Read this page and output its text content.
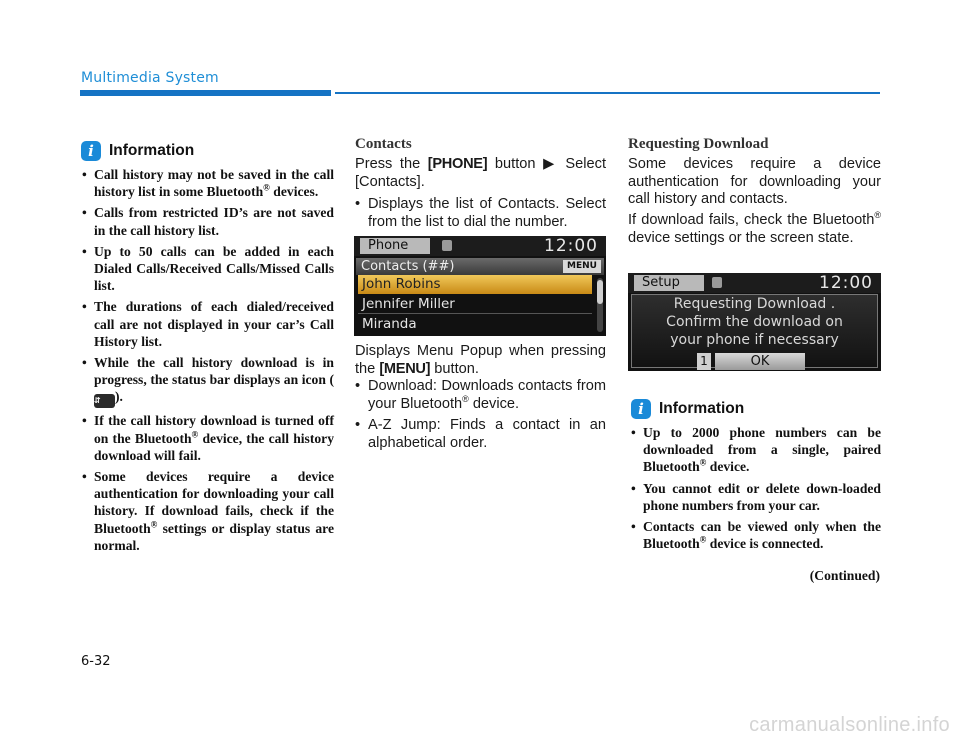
Multimedia System
i Information
• Call history may not be saved in the call history list in some Bluetooth® devices.
• Calls from restricted ID’s are not saved in the call history list.
• Up to 50 calls can be added in each Dialed Calls/Received Calls/Missed Calls list.
• The durations of each dialed/received call are not displayed in your car’s Call History list.
• While the call history download is in progress, the status bar displays an icon (⇵ ).
• If the call history download is turned off on the Bluetooth® device, the call history download will fail.
• Some devices require a device authentication for downloading your call history. If download fails, check if the Bluetooth® settings or display status are normal.
Contacts

Press the [PHONE] button ▶ Select [Contacts].

• Displays the list of Contacts. Select from the list to dial the number.
Phone	12:00
Contacts (##)	MENU
John Robins
Jennifer Miller
Miranda

Displays Menu Popup when pressing the [MENU] button.

• Download: Downloads contacts from your Bluetooth® device.
• A-Z Jump: Finds a contact in an alphabetical order.
Requesting Download

Some devices require a device authentication for downloading your call history and contacts.

If download fails, check the Bluetooth® device settings or the screen state.

Setup	12:00
Requesting Download .
Confirm the download on
your phone if necessary
1	OK
i Information
• Up to 2000 phone numbers can be downloaded from a single, paired Bluetooth® device.
• You cannot edit or delete down-loaded phone numbers from your car.
• Contacts can be viewed only when the Bluetooth® device is connected.
(Continued)
6-32
carmanualsonline.info
